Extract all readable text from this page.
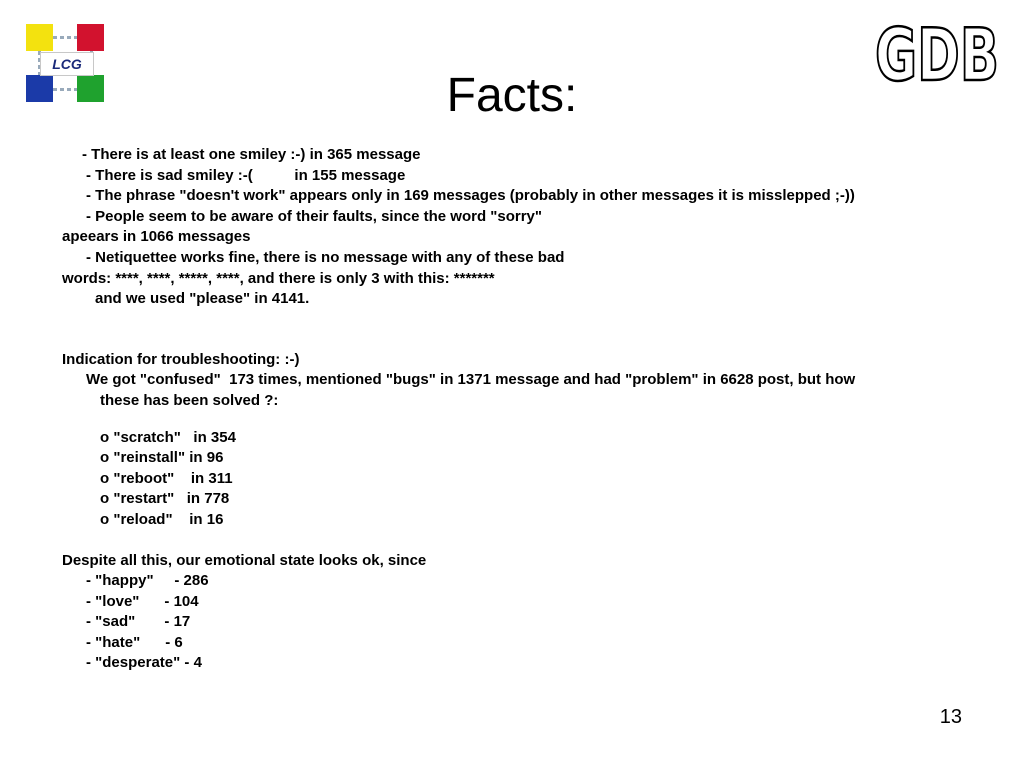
LCG	GDB
Facts:
- There is at least one smiley :-) in 365 message
- There is sad smiley :-(          in 155 message
- The phrase "doesn't work" appears only in 169 messages (probably in other messages it is misslepped ;-))
- People seem to be aware of their faults, since the word "sorry"
apeears in 1066 messages
- Netiquettee works fine, there is no message with any of these bad
words: ****, ****, *****, ****, and there is only 3 with this: *******
and we used "please" in 4141.
Indication for troubleshooting: :-)
We got "confused"  173 times, mentioned "bugs" in 1371 message and had "problem" in 6628 post, but how
these has been solved ?:
o "scratch"   in 354
o "reinstall" in 96
o "reboot"    in 311
o "restart"   in 778
o "reload"    in 16
Despite all this, our emotional state looks ok, since
- "happy"     - 286
- "love"      - 104
- "sad"       - 17
- "hate"      - 6
- "desperate" - 4
13
